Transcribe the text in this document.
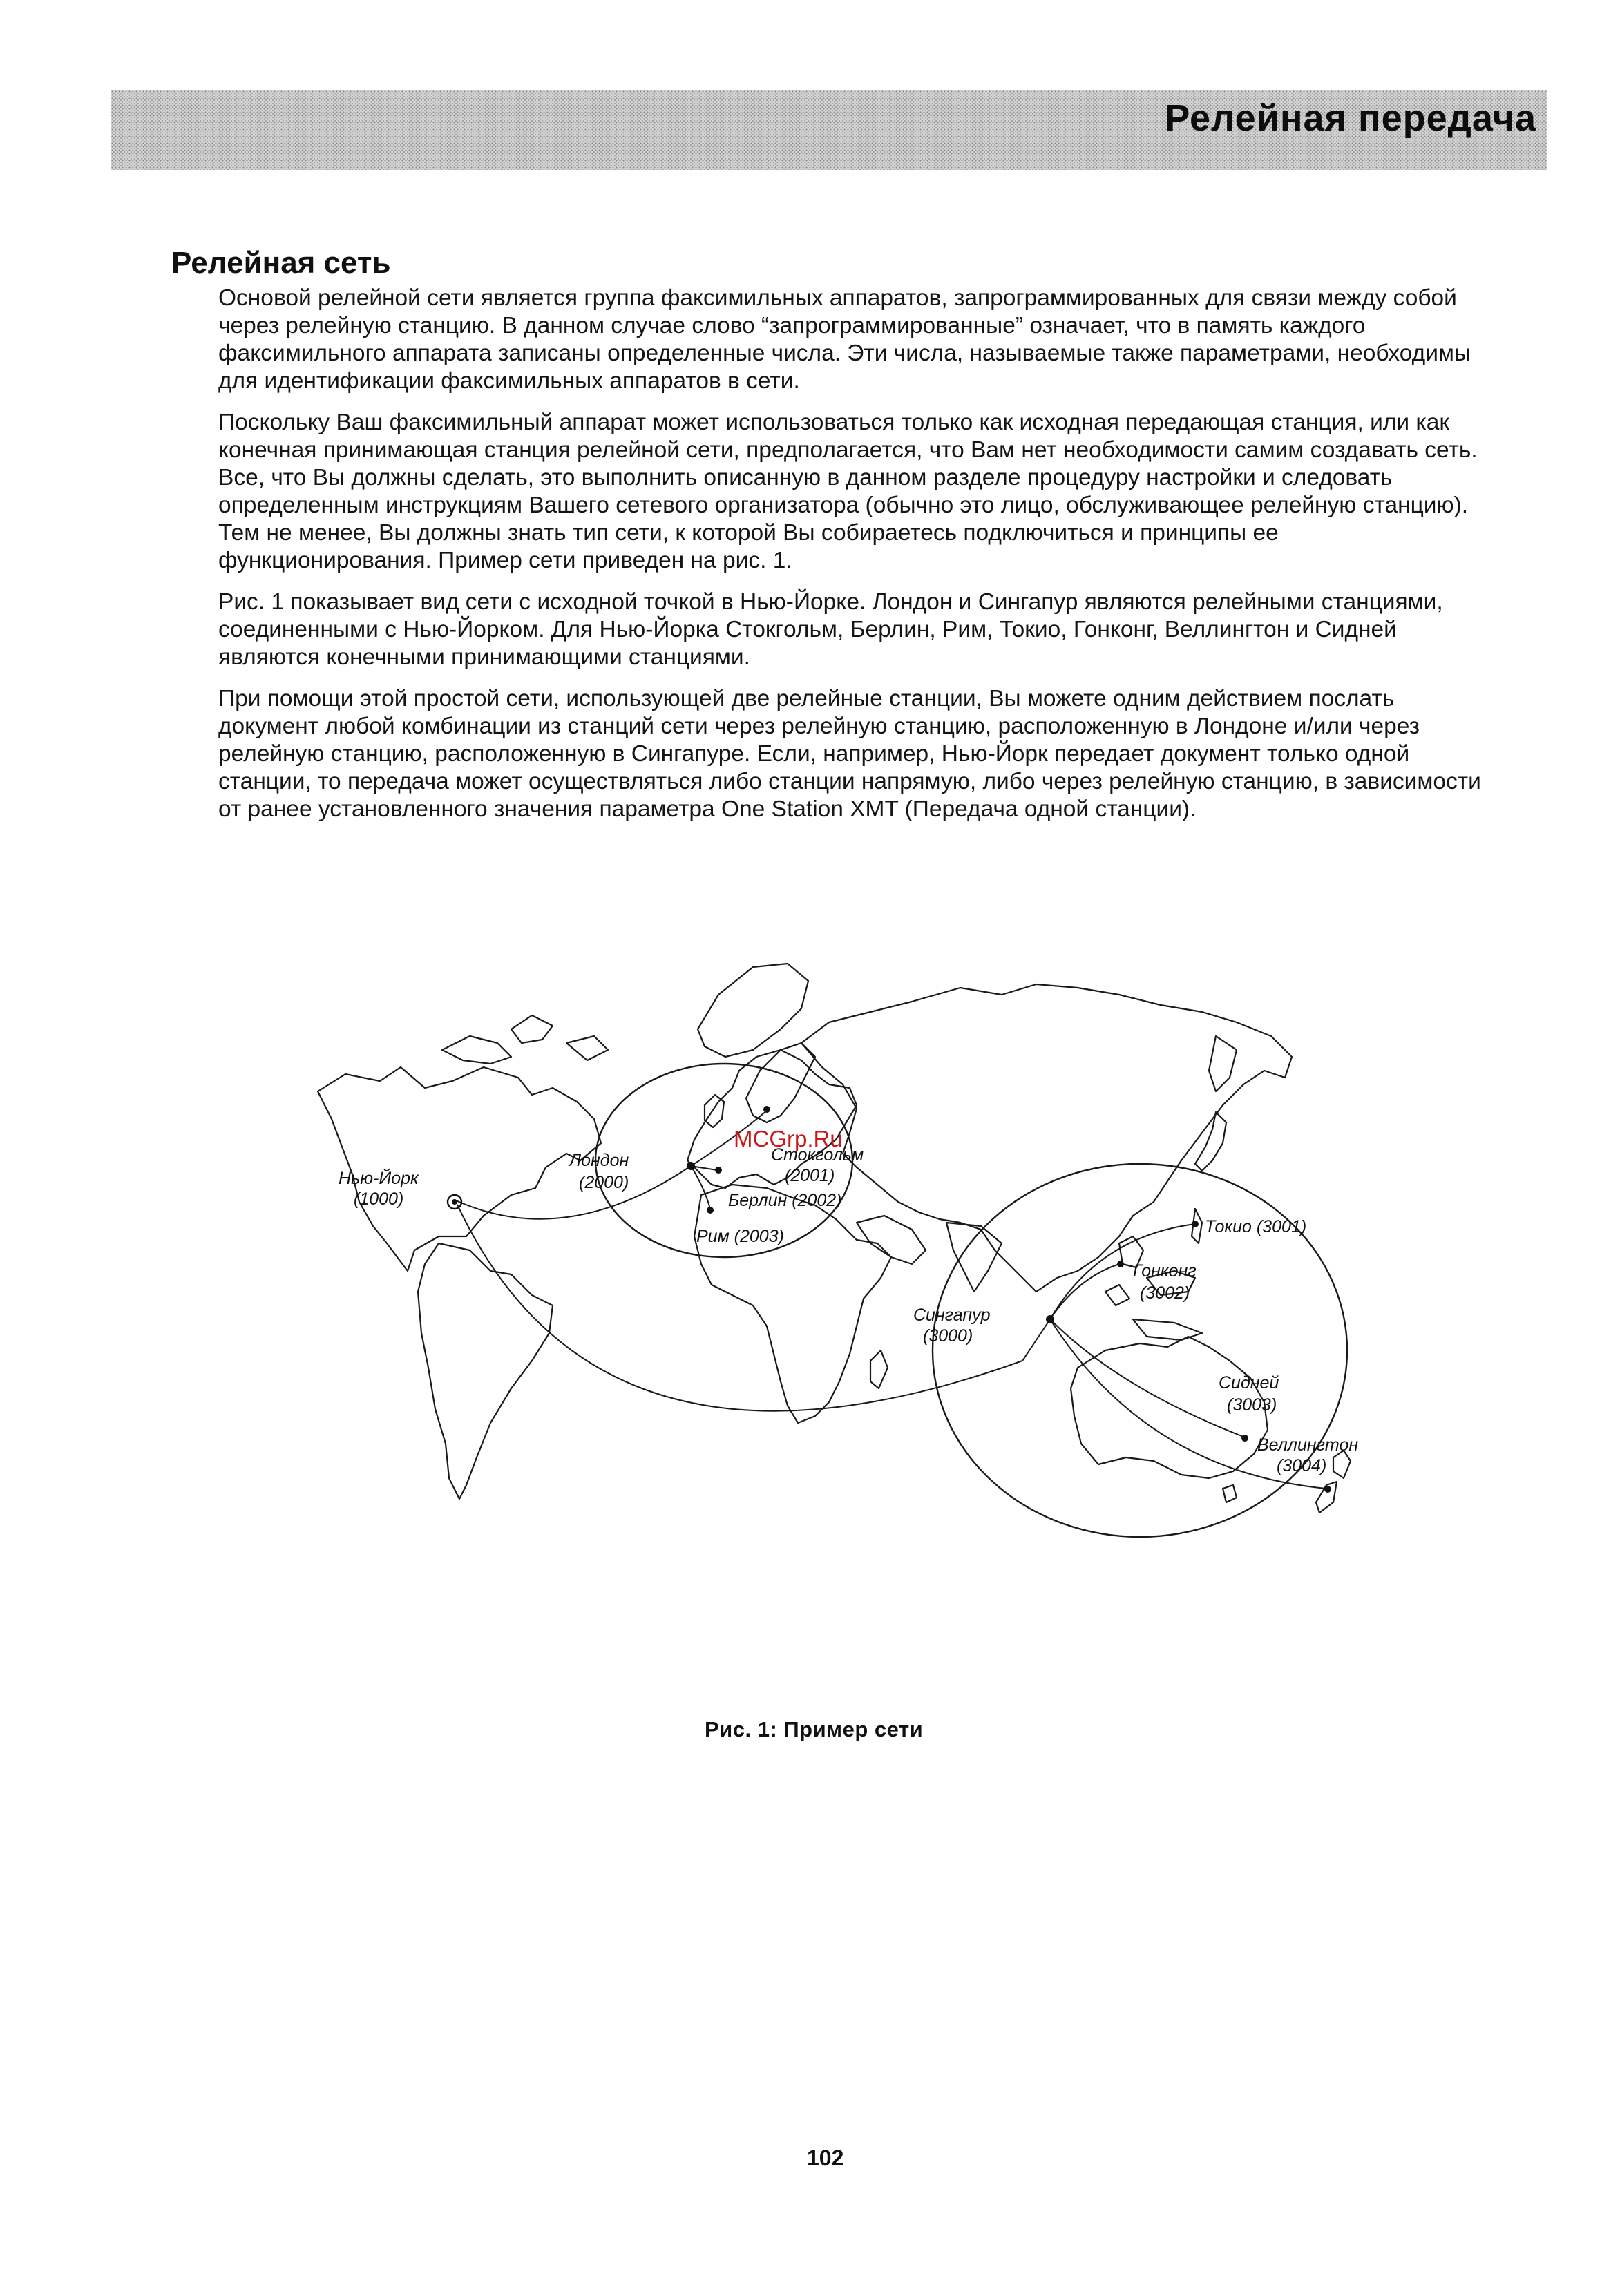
Релейная передача
Релейная сеть

Основой релейной сети является группа факсимильных аппаратов, запрограммированных для связи между собой через релейную станцию. В данном случае слово “запрограммированные” означает, что в память каждого факсимильного аппарата записаны определенные числа. Эти числа, называемые также параметрами, необходимы для идентификации факсимильных аппаратов в сети.

Поскольку Ваш факсимильный аппарат может использоваться только как исходная передающая станция, или как конечная принимающая станция релейной сети, предполагается, что Вам нет необходимости самим создавать сеть. Все, что Вы должны сделать, это выполнить описанную в данном разделе процедуру настройки и следовать определенным инструкциям Вашего сетевого организатора (обычно это лицо, обслуживающее релейную станцию). Тем не менее, Вы должны знать тип сети, к которой Вы собираетесь подключиться и принципы ее функционирования. Пример сети приведен на рис. 1.

Рис. 1 показывает вид сети с исходной точкой в Нью-Йорке. Лондон и Сингапур являются релейными станциями, соединенными с Нью-Йорком. Для Нью-Йорка Стокгольм, Берлин, Рим, Токио, Гонконг, Веллингтон и Сидней являются конечными принимающими станциями.

При помощи этой простой сети, использующей две релейные станции, Вы можете одним действием послать документ любой комбинации из станций сети через релейную станцию, расположенную в Лондоне и/или через релейную станцию, расположенную в Сингапуре. Если, например, Нью-Йорк передает документ только одной станции, то передача может осуществляться либо станции напрямую, либо через релейную станцию, в зависимости от ранее установленного значения параметра One Station XMT (Передача одной станции).

MCGrp.Ru
Нью-Йорк
(1000)
Лондон
(2000)
Стокгольм
(2001)
Берлин (2002)
Рим (2003)
Сингапур
(3000)
Токио (3001)
Гонконг
(3002)
Сидней
(3003)
Веллингтон
(3004)
Рис. 1: Пример сети
102
